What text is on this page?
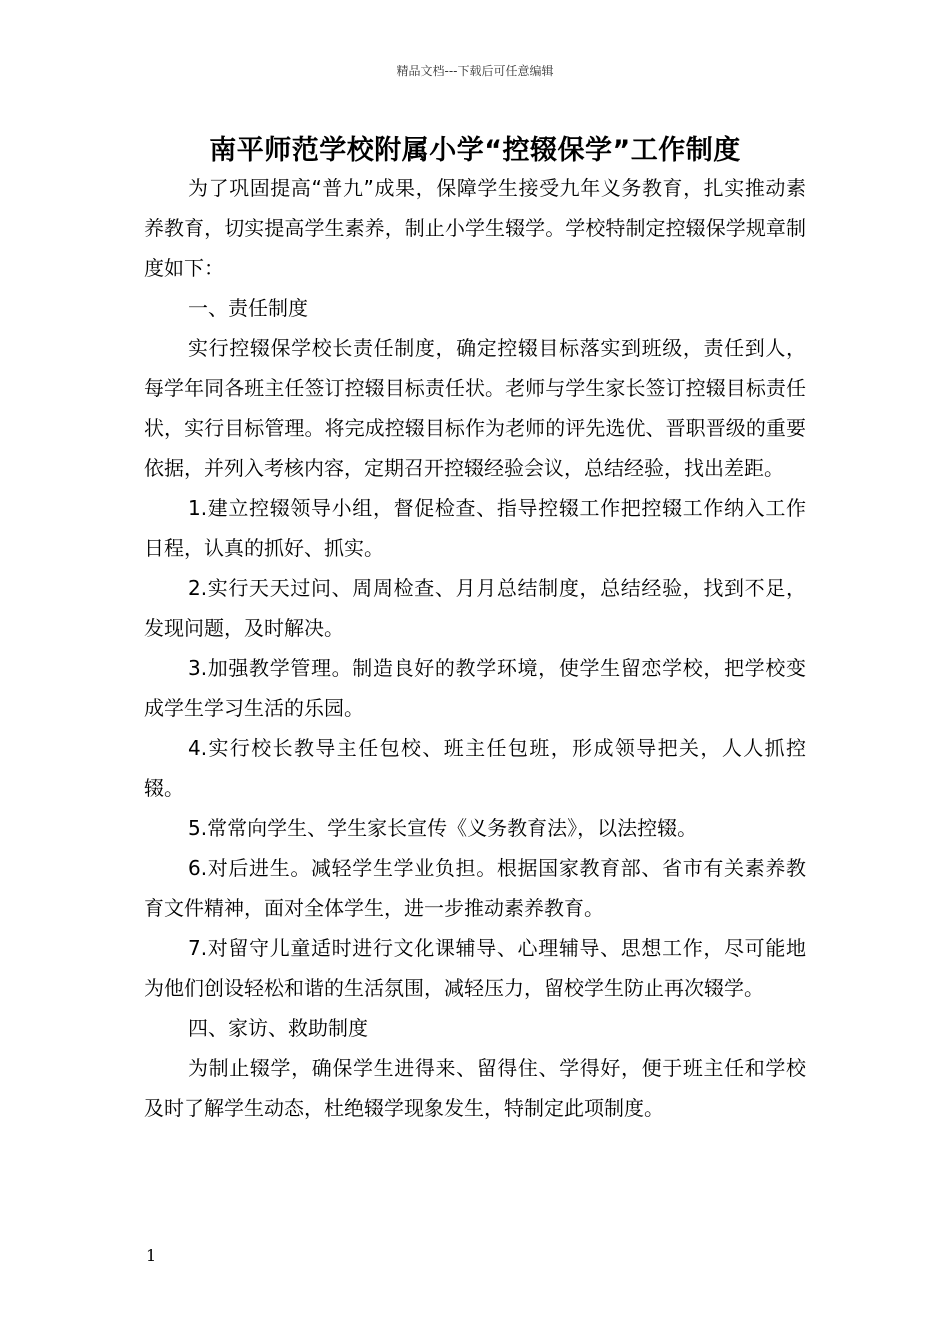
精品文档---下载后可任意编辑
南平师范学校附属小学“控辍保学”工作制度

为了巩固提高“普九”成果，保障学生接受九年义务教育，扎实推动素养教育，切实提高学生素养，制止小学生辍学。学校特制定控辍保学规章制度如下：

一、责任制度

实行控辍保学校长责任制度，确定控辍目标落实到班级，责任到人，每学年同各班主任签订控辍目标责任状。老师与学生家长签订控辍目标责任状，实行目标管理。将完成控辍目标作为老师的评先选优、晋职晋级的重要依据，并列入考核内容，定期召开控辍经验会议，总结经验，找出差距。

1.建立控辍领导小组，督促检查、指导控辍工作把控辍工作纳入工作日程，认真的抓好、抓实。

2.实行天天过问、周周检查、月月总结制度，总结经验，找到不足，发现问题，及时解决。

3.加强教学管理。制造良好的教学环境，使学生留恋学校，把学校变成学生学习生活的乐园。

4.实行校长教导主任包校、班主任包班，形成领导把关，人人抓控辍。

5.常常向学生、学生家长宣传《义务教育法》，以法控辍。

6.对后进生。减轻学生学业负担。根据国家教育部、省市有关素养教育文件精神，面对全体学生，进一步推动素养教育。

7.对留守儿童适时进行文化课辅导、心理辅导、思想工作，尽可能地为他们创设轻松和谐的生活氛围，减轻压力，留校学生防止再次辍学。

四、家访、救助制度

为制止辍学，确保学生进得来、留得住、学得好，便于班主任和学校及时了解学生动态，杜绝辍学现象发生，特制定此项制度。

1
